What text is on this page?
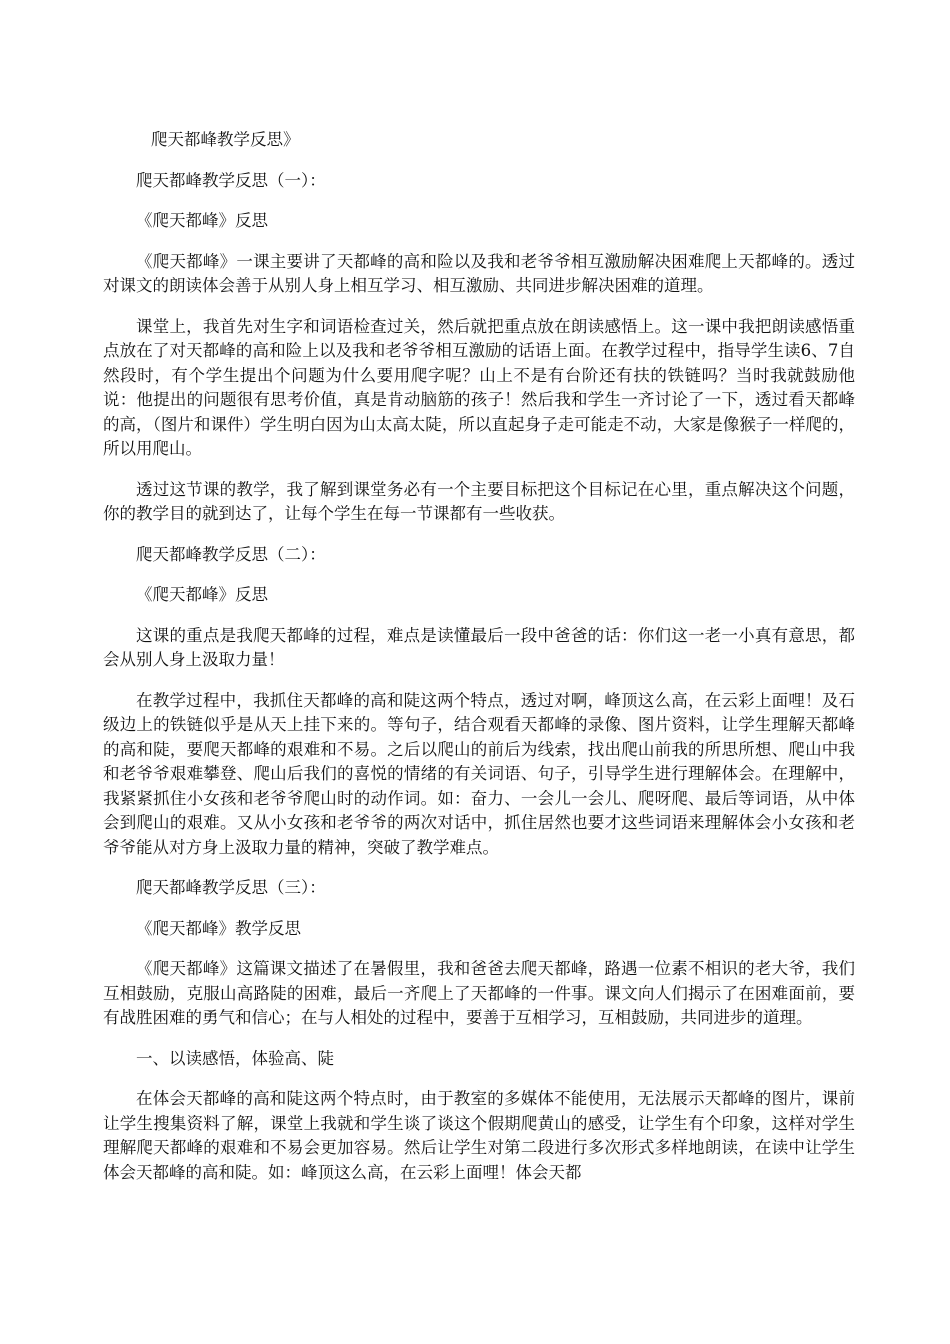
爬天都峰教学反思》

爬天都峰教学反思（一）：

《爬天都峰》反思

《爬天都峰》一课主要讲了天都峰的高和险以及我和老爷爷相互激励解决困难爬上天都峰的。透过对课文的朗读体会善于从别人身上相互学习、相互激励、共同进步解决困难的道理。

课堂上，我首先对生字和词语检查过关，然后就把重点放在朗读感悟上。这一课中我把朗读感悟重点放在了对天都峰的高和险上以及我和老爷爷相互激励的话语上面。在教学过程中，指导学生读6、7自然段时，有个学生提出个问题为什么要用爬字呢？山上不是有台阶还有扶的铁链吗？当时我就鼓励他说：他提出的问题很有思考价值，真是肯动脑筋的孩子！然后我和学生一齐讨论了一下，透过看天都峰的高，（图片和课件）学生明白因为山太高太陡，所以直起身子走可能走不动，大家是像猴子一样爬的，所以用爬山。

透过这节课的教学，我了解到课堂务必有一个主要目标把这个目标记在心里，重点解决这个问题，你的教学目的就到达了，让每个学生在每一节课都有一些收获。

爬天都峰教学反思（二）：

《爬天都峰》反思

这课的重点是我爬天都峰的过程，难点是读懂最后一段中爸爸的话：你们这一老一小真有意思，都会从别人身上汲取力量！

在教学过程中，我抓住天都峰的高和陡这两个特点，透过对啊，峰顶这么高，在云彩上面哩！及石级边上的铁链似乎是从天上挂下来的。等句子，结合观看天都峰的录像、图片资料，让学生理解天都峰的高和陡，要爬天都峰的艰难和不易。之后以爬山的前后为线索，找出爬山前我的所思所想、爬山中我和老爷爷艰难攀登、爬山后我们的喜悦的情绪的有关词语、句子，引导学生进行理解体会。在理解中，我紧紧抓住小女孩和老爷爷爬山时的动作词。如：奋力、一会儿一会儿、爬呀爬、最后等词语，从中体会到爬山的艰难。又从小女孩和老爷爷的两次对话中，抓住居然也要才这些词语来理解体会小女孩和老爷爷能从对方身上汲取力量的精神，突破了教学难点。

爬天都峰教学反思（三）：

《爬天都峰》教学反思

《爬天都峰》这篇课文描述了在暑假里，我和爸爸去爬天都峰，路遇一位素不相识的老大爷，我们互相鼓励，克服山高路陡的困难，最后一齐爬上了天都峰的一件事。课文向人们揭示了在困难面前，要有战胜困难的勇气和信心；在与人相处的过程中，要善于互相学习，互相鼓励，共同进步的道理。

一、以读感悟，体验高、陡

在体会天都峰的高和陡这两个特点时，由于教室的多媒体不能使用，无法展示天都峰的图片，课前让学生搜集资料了解，课堂上我就和学生谈了谈这个假期爬黄山的感受，让学生有个印象，这样对学生理解爬天都峰的艰难和不易会更加容易。然后让学生对第二段进行多次形式多样地朗读，在读中让学生体会天都峰的高和陡。如：峰顶这么高，在云彩上面哩！体会天都
